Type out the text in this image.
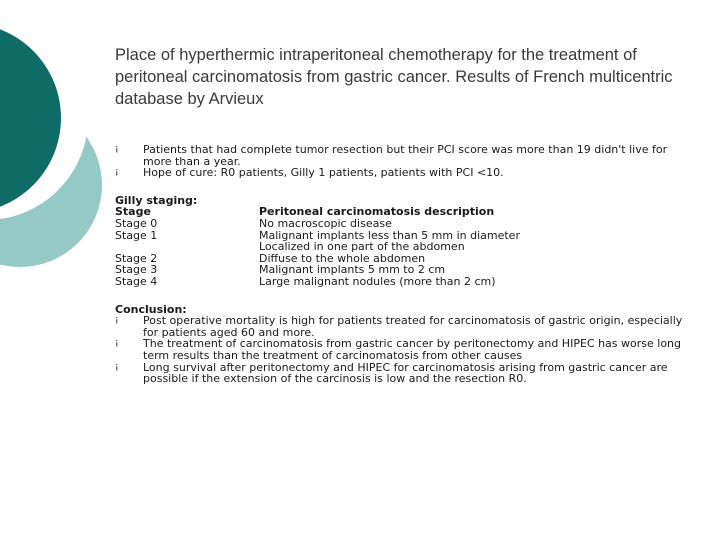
Place of hyperthermic intraperitoneal chemotherapy for the treatment of peritoneal carcinomatosis from gastric cancer. Results of French multicentric database by Arvieux
¡ Patients that had complete tumor resection but their PCI score was more than 19 didn't live for more than a year.
¡ Hope of cure: R0 patients, Gilly 1 patients, patients with PCI <10.
Gilly staging:
Stage	Peritoneal carcinomatosis description
Stage 0	No macroscopic disease
Stage 1	Malignant implants less than 5 mm in diameter
Localized in one part of the abdomen
Stage 2	Diffuse to the whole abdomen
Stage 3	Malignant implants 5 mm to 2 cm
Stage 4	Large malignant nodules (more than 2 cm)
Conclusion:
¡ Post operative mortality is high for patients treated for carcinomatosis of gastric origin, especially for patients aged 60 and more.
¡ The treatment of carcinomatosis from gastric cancer by peritonectomy and HIPEC has worse long term results than the treatment of carcinomatosis from other causes
¡ Long survival after peritonectomy and HIPEC for carcinomatosis arising from gastric cancer are possible if the extension of the carcinosis is low and the resection R0.
